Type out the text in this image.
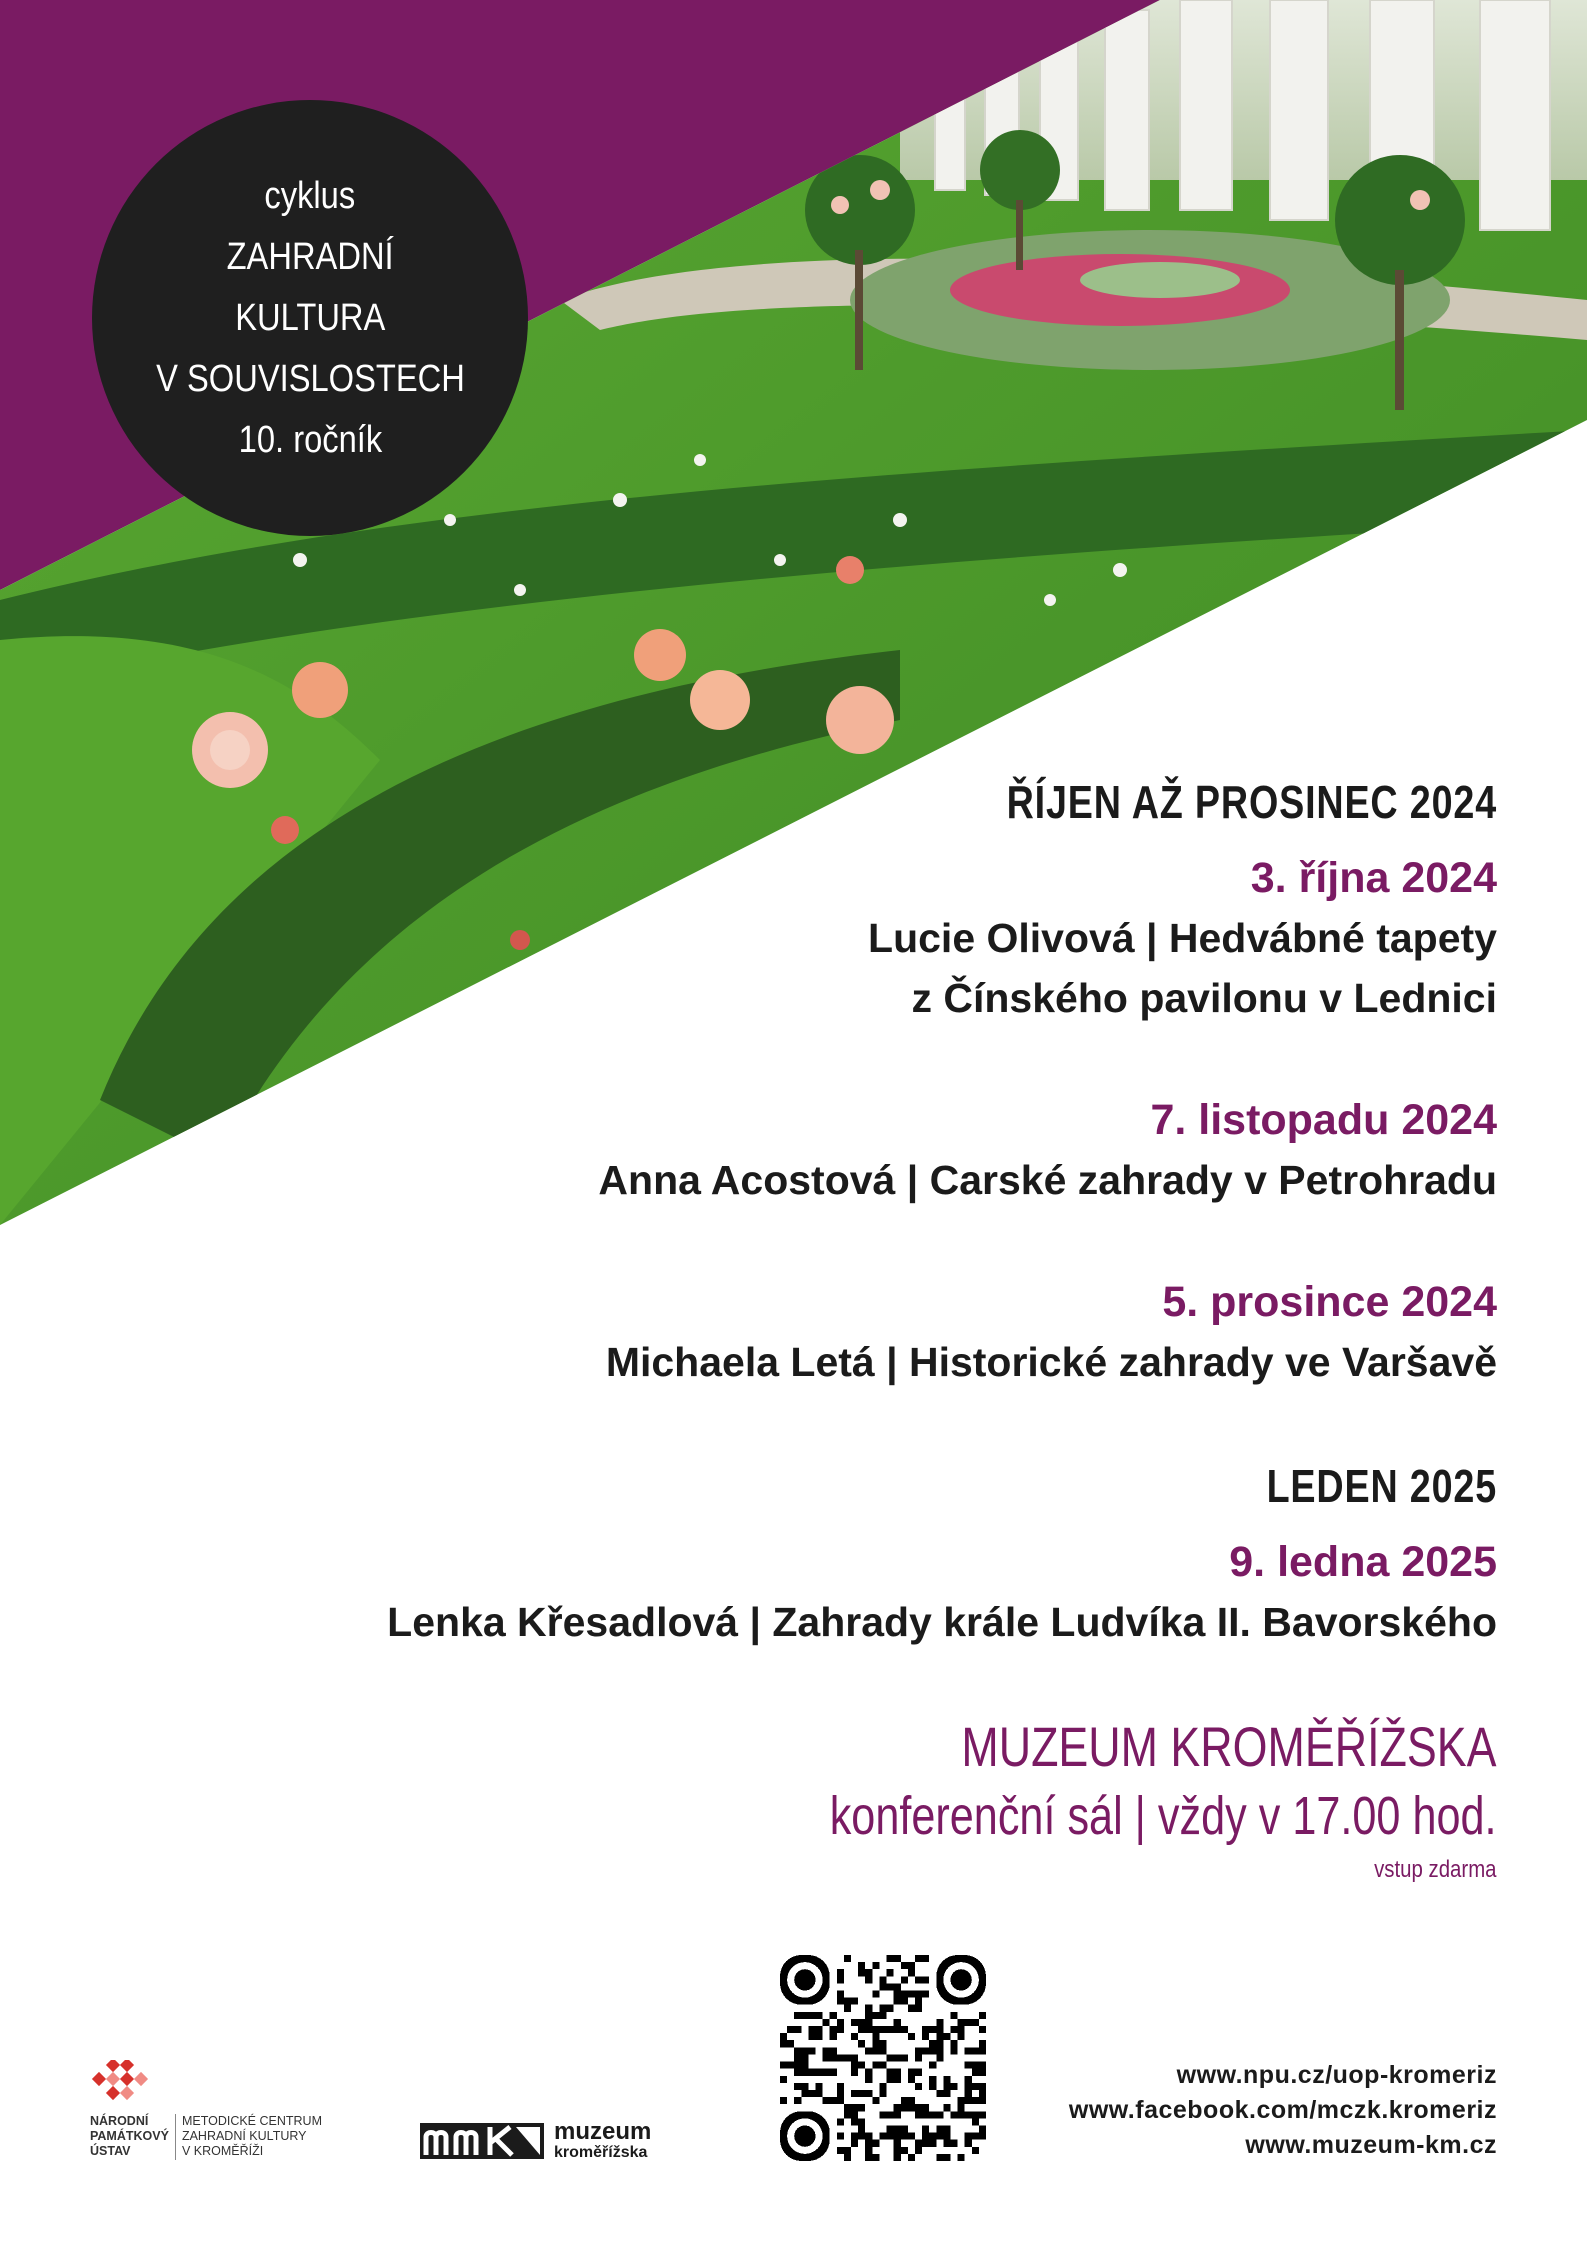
cyklus
ZAHRADNÍ
KULTURA
V SOUVISLOSTECH
10. ročník

ŘÍJEN AŽ PROSINEC 2024

3. října 2024

Lucie Olivová | Hedvábné tapety

z Čínského pavilonu v Lednici

7. listopadu 2024

Anna Acostová | Carské zahrady v Petrohradu

5. prosince 2024

Michaela Letá | Historické zahrady ve Varšavě

LEDEN 2025

9. ledna 2025

Lenka Křesadlová | Zahrady krále Ludvíka II. Bavorského

MUZEUM KROMĚŘÍŽSKA
konferenční sál | vždy v 17.00 hod.
vstup zdarma
www.npu.cz/uop-kromeriz
www.facebook.com/mczk.kromeriz
www.muzeum-km.cz
NÁRODNÍ
PAMÁTKOVÝ
ÚSTAV
METODICKÉ CENTRUM
ZAHRADNÍ KULTURY
V KROMĚŘÍŽI
muzeum
kroměřížska
